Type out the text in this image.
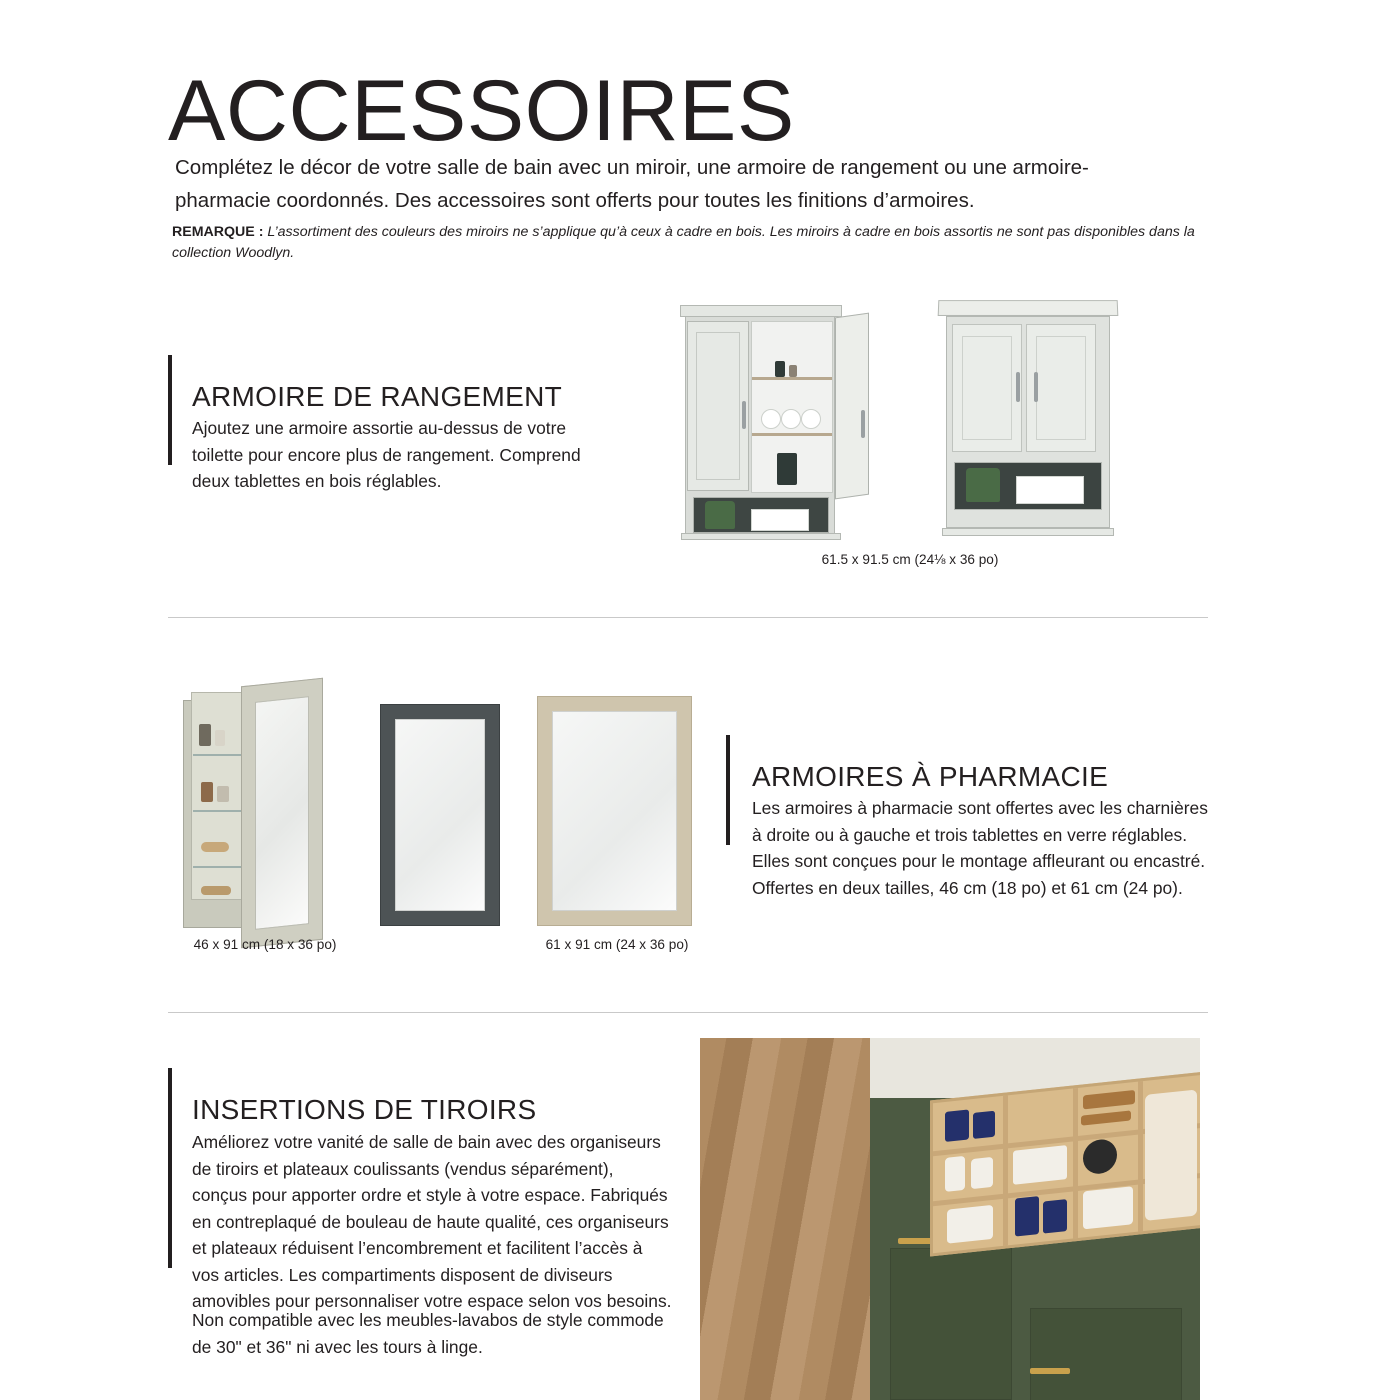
ACCESSOIRES

Complétez le décor de votre salle de bain avec un miroir, une armoire de rangement ou une armoire-pharmacie coordonnés. Des accessoires sont offerts pour toutes les finitions d’armoires.

REMARQUE : L’assortiment des couleurs des miroirs ne s’applique qu’à ceux à cadre en bois. Les miroirs à cadre en bois assortis ne sont pas disponibles dans la collection Woodlyn.

ARMOIRE DE RANGEMENT

Ajoutez une armoire assortie au-dessus de votre toilette pour encore plus de rangement. Comprend deux tablettes en bois réglables.

61.5 x 91.5 cm (24⅛ x 36 po)
46 x 91 cm (18 x 36 po)	61 x 91 cm (24 x 36 po)
ARMOIRES À PHARMACIE

Les armoires à pharmacie sont offertes avec les charnières à droite ou à gauche et trois tablettes en verre réglables. Elles sont conçues pour le montage affleurant ou encastré. Offertes en deux tailles, 46 cm (18 po) et 61 cm (24 po).

INSERTIONS DE TIROIRS

Améliorez votre vanité de salle de bain avec des organiseurs de tiroirs et plateaux coulissants (vendus séparément), conçus pour apporter ordre et style à votre espace. Fabriqués en contreplaqué de bouleau de haute qualité, ces organiseurs et plateaux réduisent l’encombrement et facilitent l’accès à vos articles. Les compartiments disposent de diviseurs amovibles pour personnaliser votre espace selon vos besoins.

Non compatible avec les meubles-lavabos de style commode de 30" et 36" ni avec les tours à linge.
